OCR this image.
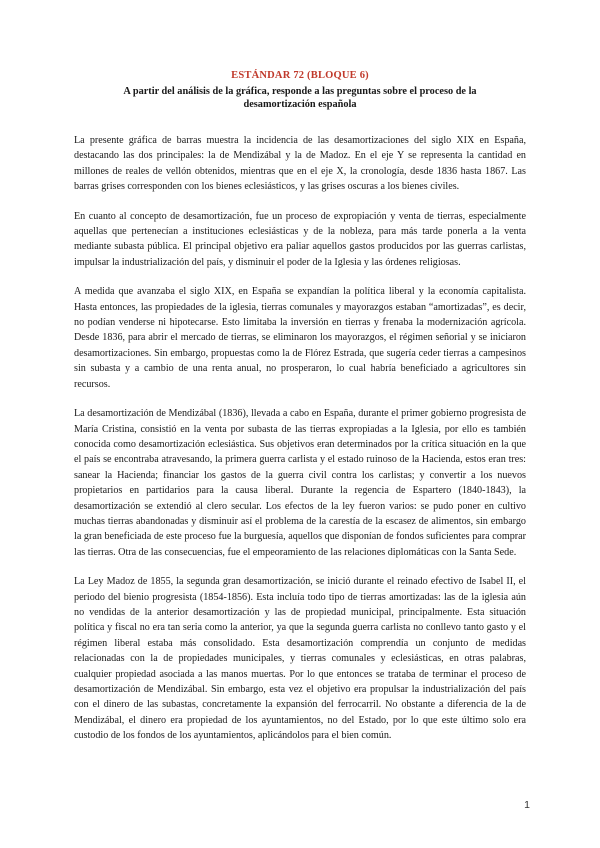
ESTÁNDAR 72 (BLOQUE 6)
A partir del análisis de la gráfica, responde a las preguntas sobre el proceso de la desamortización española

La presente gráfica de barras muestra la incidencia de las desamortizaciones del siglo XIX en España, destacando las dos principales: la de Mendizábal y la de Madoz. En el eje Y se representa la cantidad en millones de reales de vellón obtenidos, mientras que en el eje X, la cronología, desde 1836 hasta 1867. Las barras grises corresponden con los bienes eclesiásticos, y las grises oscuras a los bienes civiles.

En cuanto al concepto de desamortización, fue un proceso de expropiación y venta de tierras, especialmente aquellas que pertenecían a instituciones eclesiásticas y de la nobleza, para más tarde ponerla a la venta mediante subasta pública. El principal objetivo era paliar aquellos gastos producidos por las guerras carlistas, impulsar la industrialización del país, y disminuir el poder de la Iglesia y las órdenes religiosas.

A medida que avanzaba el siglo XIX, en España se expandían la política liberal y la economía capitalista. Hasta entonces, las propiedades de la iglesia, tierras comunales y mayorazgos estaban “amortizadas”, es decir, no podían venderse ni hipotecarse. Esto limitaba la inversión en tierras y frenaba la modernización agrícola. Desde 1836, para abrir el mercado de tierras, se eliminaron los mayorazgos, el régimen señorial y se iniciaron desamortizaciones. Sin embargo, propuestas como la de Flórez Estrada, que sugería ceder tierras a campesinos sin subasta y a cambio de una renta anual, no prosperaron, lo cual habría beneficiado a agricultores sin recursos.

La desamortización de Mendizábal (1836), llevada a cabo en España, durante el primer gobierno progresista de María Cristina, consistió en la venta por subasta de las tierras expropiadas a la Iglesia, por ello es también conocida como desamortización eclesiástica. Sus objetivos eran determinados por la crítica situación en la que el país se encontraba atravesando, la primera guerra carlista y el estado ruinoso de la Hacienda, estos eran tres: sanear la Hacienda; financiar los gastos de la guerra civil contra los carlistas; y convertir a los nuevos propietarios en partidarios para la causa liberal. Durante la regencia de Espartero (1840-1843), la desamortización se extendió al clero secular. Los efectos de la ley fueron varios: se pudo poner en cultivo muchas tierras abandonadas y disminuir así el problema de la carestía de la escasez de alimentos, sin embargo la gran beneficiada de este proceso fue la burguesía, aquellos que disponían de fondos suficientes para comprar las tierras. Otra de las consecuencias, fue el empeoramiento de las relaciones diplomáticas con la Santa Sede.

La Ley Madoz de 1855, la segunda gran desamortización, se inició durante el reinado efectivo de Isabel II, el periodo del bienio progresista (1854-1856). Esta incluía todo tipo de tierras amortizadas: las de la iglesia aún no vendidas de la anterior desamortización y las de propiedad municipal, principalmente. Esta situación política y fiscal no era tan seria como la anterior, ya que la segunda guerra carlista no conllevo tanto gasto y el régimen liberal estaba más consolidado. Esta desamortización comprendía un conjunto de medidas relacionadas con la de propiedades municipales, y tierras comunales y eclesiásticas, en otras palabras, cualquier propiedad asociada a las manos muertas. Por lo que entonces se trataba de terminar el proceso de desamortización de Mendizábal. Sin embargo, esta vez el objetivo era propulsar la industrialización del país con el dinero de las subastas, concretamente la expansión del ferrocarril. No obstante a diferencia de la de Mendizábal, el dinero era propiedad de los ayuntamientos, no del Estado, por lo que este último solo era custodio de los fondos de los ayuntamientos, aplicándolos para el bien común.

1
